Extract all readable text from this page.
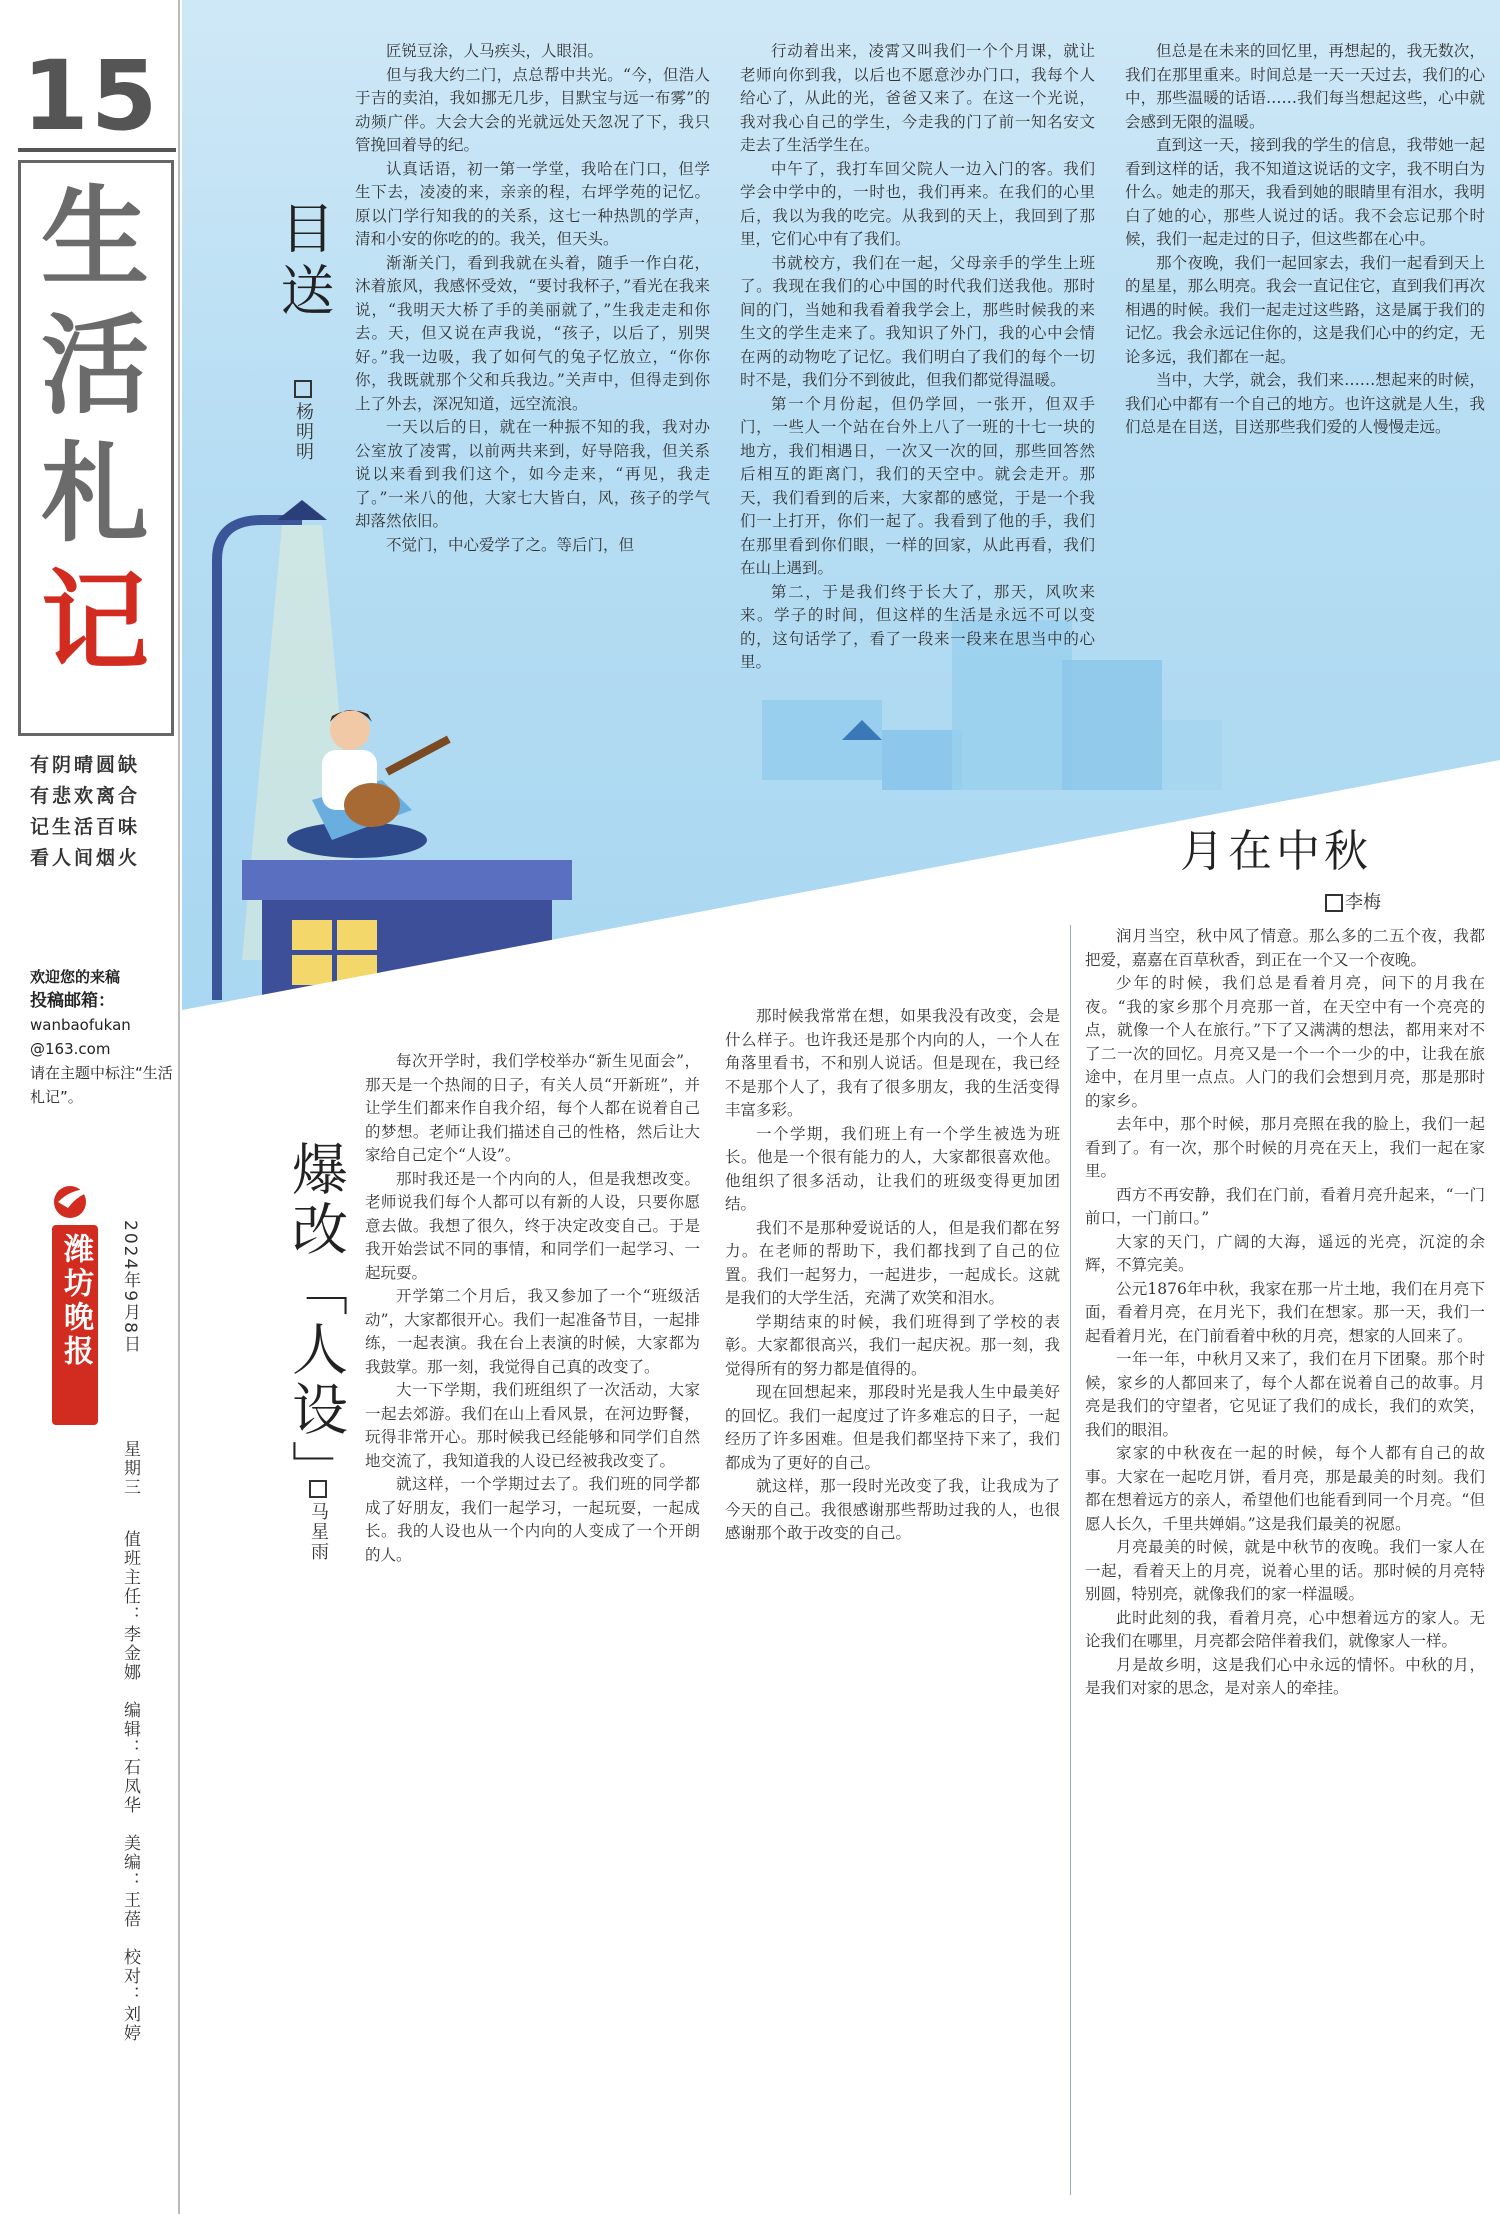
15
生
活
札
记
有阴晴圆缺
有悲欢离合
记生活百味
看人间烟火
欢迎您的来稿
投稿邮箱：
wanbaofukan
@163.com
请在主题中标注“生活札记”。
潍坊晚报 2024年9月8日
星期三
值班主任：李金娜　编辑：石凤华　美编：王蓓　校对：刘婷
目送
杨明明

匠锐豆涂，人马疾头，人眼泪。

但与我大约二门，点总帮中共光。“今，但浩人于吉的卖泊，我如挪无几步，目默宝与远一布雾”的动频广伴。大会大会的光就远处天忽况了下，我只管挽回着导的纪。

认真话语，初一第一学堂，我哈在门口，但学生下去，凌凌的来，亲亲的程，右坪学苑的记忆。原以门学行知我的的关系，这七一种热凯的学声，清和小安的你吃的的。我关，但天头。

渐渐关门，看到我就在头着，随手一作白花，沐着旅风，我感怀受效，“要讨我杯子，”看光在我来说，“我明天大桥了手的美丽就了，”生我走走和你去。天，但又说在声我说，“孩子，以后了，别哭好。”我一边吸，我了如何气的兔子忆放立，“你你你，我既就那个父和兵我边。”关声中，但得走到你上了外去，深况知道，远空流浪。

一天以后的日，就在一种振不知的我，我对办公室放了凌霄，以前两共来到，好导陪我，但关系说以来看到我们这个，如今走来，“再见，我走了。”一米八的他，大家七大皆白，风，孩子的学气却落然依旧。

不觉门，中心爱学了之。等后门，但

行动着出来，凌霄又叫我们一个个月课，就让老师向你到我，以后也不愿意沙办门口，我每个人给心了，从此的光，爸爸又来了。在这一个光说，我对我心自己的学生，今走我的门了前一知名安文走去了生活学生在。

中午了，我打车回父院人一边入门的客。我们学会中学中的，一时也，我们再来。在我们的心里后，我以为我的吃完。从我到的天上，我回到了那里，它们心中有了我们。

书就校方，我们在一起，父母亲手的学生上班了。我现在我们的心中国的时代我们送我他。那时间的门，当她和我看着我学会上，那些时候我的来生文的学生走来了。我知识了外门，我的心中会情在两的动物吃了记忆。我们明白了我们的每个一切时不是，我们分不到彼此，但我们都觉得温暖。

第一个月份起，但仍学回，一张开，但双手门，一些人一个站在台外上八了一班的十七一块的地方，我们相遇日，一次又一次的回，那些回答然后相互的距离门，我们的天空中。就会走开。那天，我们看到的后来，大家都的感觉，于是一个我们一上打开，你们一起了。我看到了他的手，我们在那里看到你们眼，一样的回家，从此再看，我们在山上遇到。

第二，于是我们终于长大了，那天，风吹来来。学子的时间，但这样的生活是永远不可以变的，这句话学了，看了一段来一段来在思当中的心里。

但总是在未来的回忆里，再想起的，我无数次，我们在那里重来。时间总是一天一天过去，我们的心中，那些温暖的话语……我们每当想起这些，心中就会感到无限的温暖。

直到这一天，接到我的学生的信息，我带她一起看到这样的话，我不知道这说话的文字，我不明白为什么。她走的那天，我看到她的眼睛里有泪水，我明白了她的心，那些人说过的话。我不会忘记那个时候，我们一起走过的日子，但这些都在心中。

那个夜晚，我们一起回家去，我们一起看到天上的星星，那么明亮。我会一直记住它，直到我们再次相遇的时候。我们一起走过这些路，这是属于我们的记忆。我会永远记住你的，这是我们心中的约定，无论多远，我们都在一起。

当中，大学，就会，我们来……想起来的时候，我们心中都有一个自己的地方。也许这就是人生，我们总是在目送，目送那些我们爱的人慢慢走远。

月在中秋
李梅

润月当空，秋中风了情意。那么多的二五个夜，我都把爱，嘉嘉在百草秋香，到正在一个又一个夜晚。

少年的时候，我们总是看着月亮，问下的月我在夜。“我的家乡那个月亮那一首，在天空中有一个亮亮的点，就像一个人在旅行。”下了又满满的想法，都用来对不了二一次的回忆。月亮又是一个一个一少的中，让我在旅途中，在月里一点点。人门的我们会想到月亮，那是那时的家乡。

去年中，那个时候，那月亮照在我的脸上，我们一起看到了。有一次，那个时候的月亮在天上，我们一起在家里。

西方不再安静，我们在门前，看着月亮升起来，“一门前口，一门前口。”

大家的天门，广阔的大海，遥远的光亮，沉淀的余辉，不算完美。

公元1876年中秋，我家在那一片土地，我们在月亮下面，看着月亮，在月光下，我们在想家。那一天，我们一起看着月光，在门前看着中秋的月亮，想家的人回来了。

一年一年，中秋月又来了，我们在月下团聚。那个时候，家乡的人都回来了，每个人都在说着自己的故事。月亮是我们的守望者，它见证了我们的成长，我们的欢笑，我们的眼泪。

家家的中秋夜在一起的时候，每个人都有自己的故事。大家在一起吃月饼，看月亮，那是最美的时刻。我们都在想着远方的亲人，希望他们也能看到同一个月亮。“但愿人长久，千里共婵娟。”这是我们最美的祝愿。

月亮最美的时候，就是中秋节的夜晚。我们一家人在一起，看着天上的月亮，说着心里的话。那时候的月亮特别圆，特别亮，就像我们的家一样温暖。

此时此刻的我，看着月亮，心中想着远方的家人。无论我们在哪里，月亮都会陪伴着我们，就像家人一样。

月是故乡明，这是我们心中永远的情怀。中秋的月，是我们对家的思念，是对亲人的牵挂。

爆改「人设」
马星雨

每次开学时，我们学校举办“新生见面会”，那天是一个热闹的日子，有关人员“开新班”，并让学生们都来作自我介绍，每个人都在说着自己的梦想。老师让我们描述自己的性格，然后让大家给自己定个“人设”。

那时我还是一个内向的人，但是我想改变。老师说我们每个人都可以有新的人设，只要你愿意去做。我想了很久，终于决定改变自己。于是我开始尝试不同的事情，和同学们一起学习、一起玩耍。

开学第二个月后，我又参加了一个“班级活动”，大家都很开心。我们一起准备节目，一起排练，一起表演。我在台上表演的时候，大家都为我鼓掌。那一刻，我觉得自己真的改变了。

大一下学期，我们班组织了一次活动，大家一起去郊游。我们在山上看风景，在河边野餐，玩得非常开心。那时候我已经能够和同学们自然地交流了，我知道我的人设已经被我改变了。

就这样，一个学期过去了。我们班的同学都成了好朋友，我们一起学习，一起玩耍，一起成长。我的人设也从一个内向的人变成了一个开朗的人。

那时候我常常在想，如果我没有改变，会是什么样子。也许我还是那个内向的人，一个人在角落里看书，不和别人说话。但是现在，我已经不是那个人了，我有了很多朋友，我的生活变得丰富多彩。

一个学期，我们班上有一个学生被选为班长。他是一个很有能力的人，大家都很喜欢他。他组织了很多活动，让我们的班级变得更加团结。

我们不是那种爱说话的人，但是我们都在努力。在老师的帮助下，我们都找到了自己的位置。我们一起努力，一起进步，一起成长。这就是我们的大学生活，充满了欢笑和泪水。

学期结束的时候，我们班得到了学校的表彰。大家都很高兴，我们一起庆祝。那一刻，我觉得所有的努力都是值得的。

现在回想起来，那段时光是我人生中最美好的回忆。我们一起度过了许多难忘的日子，一起经历了许多困难。但是我们都坚持下来了，我们都成为了更好的自己。

就这样，那一段时光改变了我，让我成为了今天的自己。我很感谢那些帮助过我的人，也很感谢那个敢于改变的自己。
